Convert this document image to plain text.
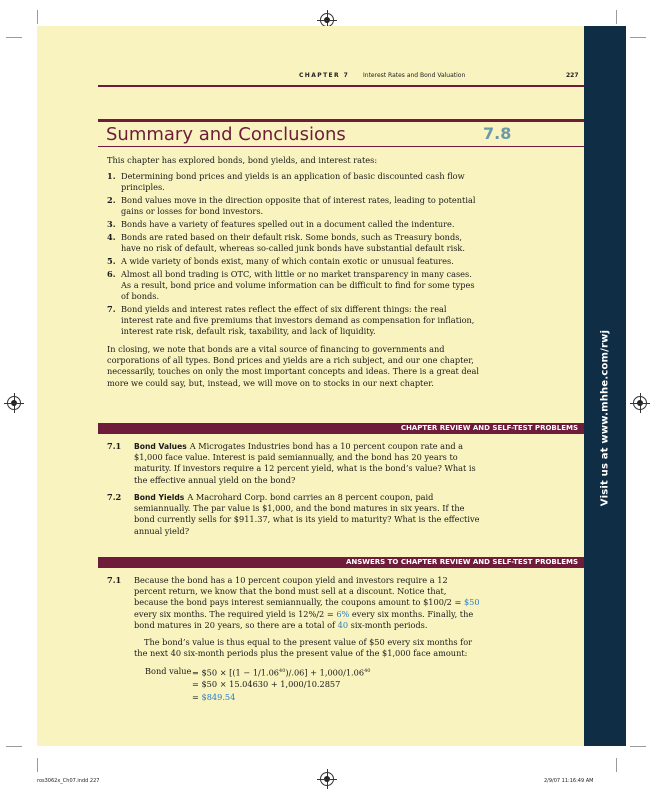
Visit us at www.mhhe.com/rwj
CHAPTER 7 Interest Rates and Bond Valuation	227
Summary and Conclusions	7.8
This chapter has explored bonds, bond yields, and interest rates:
1. Determining bond prices and yields is an application of basic discounted cash flow principles.
2. Bond values move in the direction opposite that of interest rates, leading to potential gains or losses for bond investors.
3. Bonds have a variety of features spelled out in a document called the indenture.
4. Bonds are rated based on their default risk. Some bonds, such as Treasury bonds, have no risk of default, whereas so-called junk bonds have substantial default risk.
5. A wide variety of bonds exist, many of which contain exotic or unusual features.
6. Almost all bond trading is OTC, with little or no market transparency in many cases. As a result, bond price and volume information can be difficult to find for some types of bonds.
7. Bond yields and interest rates reflect the effect of six different things: the real interest rate and five premiums that investors demand as compensation for inflation, interest rate risk, default risk, taxability, and lack of liquidity.
In closing, we note that bonds are a vital source of financing to governments and corporations of all types. Bond prices and yields are a rich subject, and our one chapter, necessarily, touches on only the most important concepts and ideas. There is a great deal more we could say, but, instead, we will move on to stocks in our next chapter.
CHAPTER REVIEW AND SELF-TEST PROBLEMS
7.1 Bond Values A Microgates Industries bond has a 10 percent coupon rate and a $1,000 face value. Interest is paid semiannually, and the bond has 20 years to maturity. If investors require a 12 percent yield, what is the bond’s value? What is the effective annual yield on the bond?
7.2 Bond Yields A Macrohard Corp. bond carries an 8 percent coupon, paid semiannually. The par value is $1,000, and the bond matures in six years. If the bond currently sells for $911.37, what is its yield to maturity? What is the effective annual yield?
ANSWERS TO CHAPTER REVIEW AND SELF-TEST PROBLEMS
7.1 Because the bond has a 10 percent coupon yield and investors require a 12 percent return, we know that the bond must sell at a discount. Notice that, because the bond pays interest semiannually, the coupons amount to $100/2 = $50 every six months. The required yield is 12%/2 = 6% every six months. Finally, the bond matures in 20 years, so there are a total of 40 six-month periods.
The bond’s value is thus equal to the present value of $50 every six months for the next 40 six-month periods plus the present value of the $1,000 face amount:
Bond value = $50 × $[(1 - 1/1.06^{40})/.06] + 1,000/1.06^{40}$
= $50 × 15.04630 + 1,000/10.2857
= $849.54
ros3062x_Ch07.indd 227	2/9/07 11:16:49 AM
